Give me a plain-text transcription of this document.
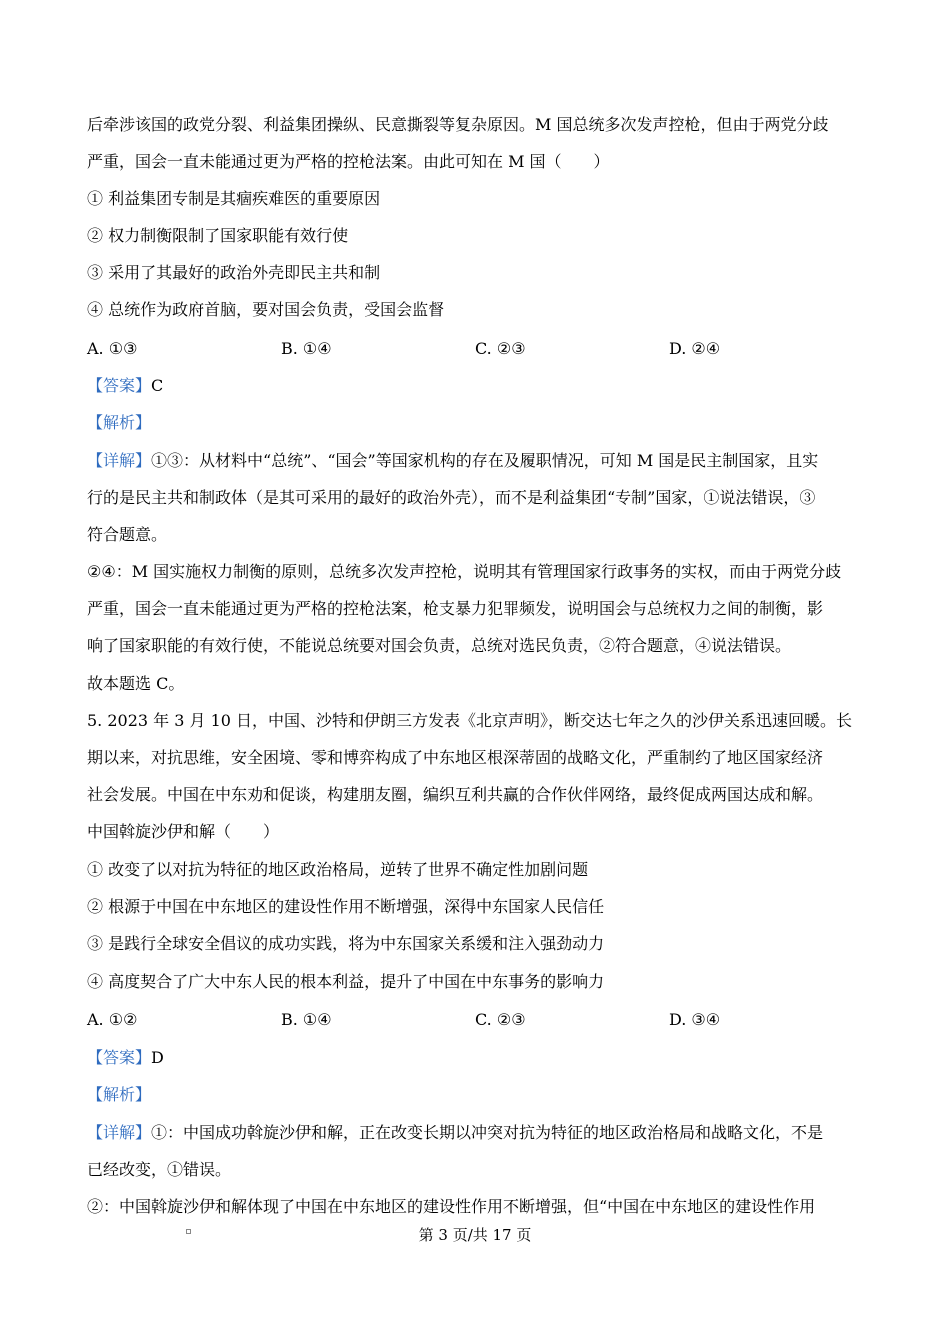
后牵涉该国的政党分裂、利益集团操纵、民意撕裂等复杂原因。M 国总统多次发声控枪，但由于两党分歧
严重，国会一直未能通过更为严格的控枪法案。由此可知在 M 国（　　）
① 利益集团专制是其痼疾难医的重要原因
② 权力制衡限制了国家职能有效行使
③ 采用了其最好的政治外壳即民主共和制
④ 总统作为政府首脑，要对国会负责，受国会监督
A. ①③	B. ①④	C. ②③	D. ②④
【答案】C
【解析】
【详解】①③：从材料中“总统”、“国会”等国家机构的存在及履职情况，可知 M 国是民主制国家，且实
行的是民主共和制政体（是其可采用的最好的政治外壳），而不是利益集团“专制”国家，①说法错误，③
符合题意。
②④：M 国实施权力制衡的原则，总统多次发声控枪，说明其有管理国家行政事务的实权，而由于两党分歧
严重，国会一直未能通过更为严格的控枪法案，枪支暴力犯罪频发，说明国会与总统权力之间的制衡，影
响了国家职能的有效行使，不能说总统要对国会负责，总统对选民负责，②符合题意，④说法错误。
故本题选 C。
5. 2023 年 3 月 10 日，中国、沙特和伊朗三方发表《北京声明》，断交达七年之久的沙伊关系迅速回暖。长
期以来，对抗思维，安全困境、零和博弈构成了中东地区根深蒂固的战略文化，严重制约了地区国家经济
社会发展。中国在中东劝和促谈，构建朋友圈，编织互利共赢的合作伙伴网络，最终促成两国达成和解。
中国斡旋沙伊和解（　　）
① 改变了以对抗为特征的地区政治格局，逆转了世界不确定性加剧问题
② 根源于中国在中东地区的建设性作用不断增强，深得中东国家人民信任
③ 是践行全球安全倡议的成功实践，将为中东国家关系缓和注入强劲动力
④ 高度契合了广大中东人民的根本利益，提升了中国在中东事务的影响力
A. ①②	B. ①④	C. ②③	D. ③④
【答案】D
【解析】
【详解】①：中国成功斡旋沙伊和解，正在改变长期以冲突对抗为特征的地区政治格局和战略文化，不是
已经改变，①错误。
②：中国斡旋沙伊和解体现了中国在中东地区的建设性作用不断增强，但“中国在中东地区的建设性作用
第 3 页/共 17 页
